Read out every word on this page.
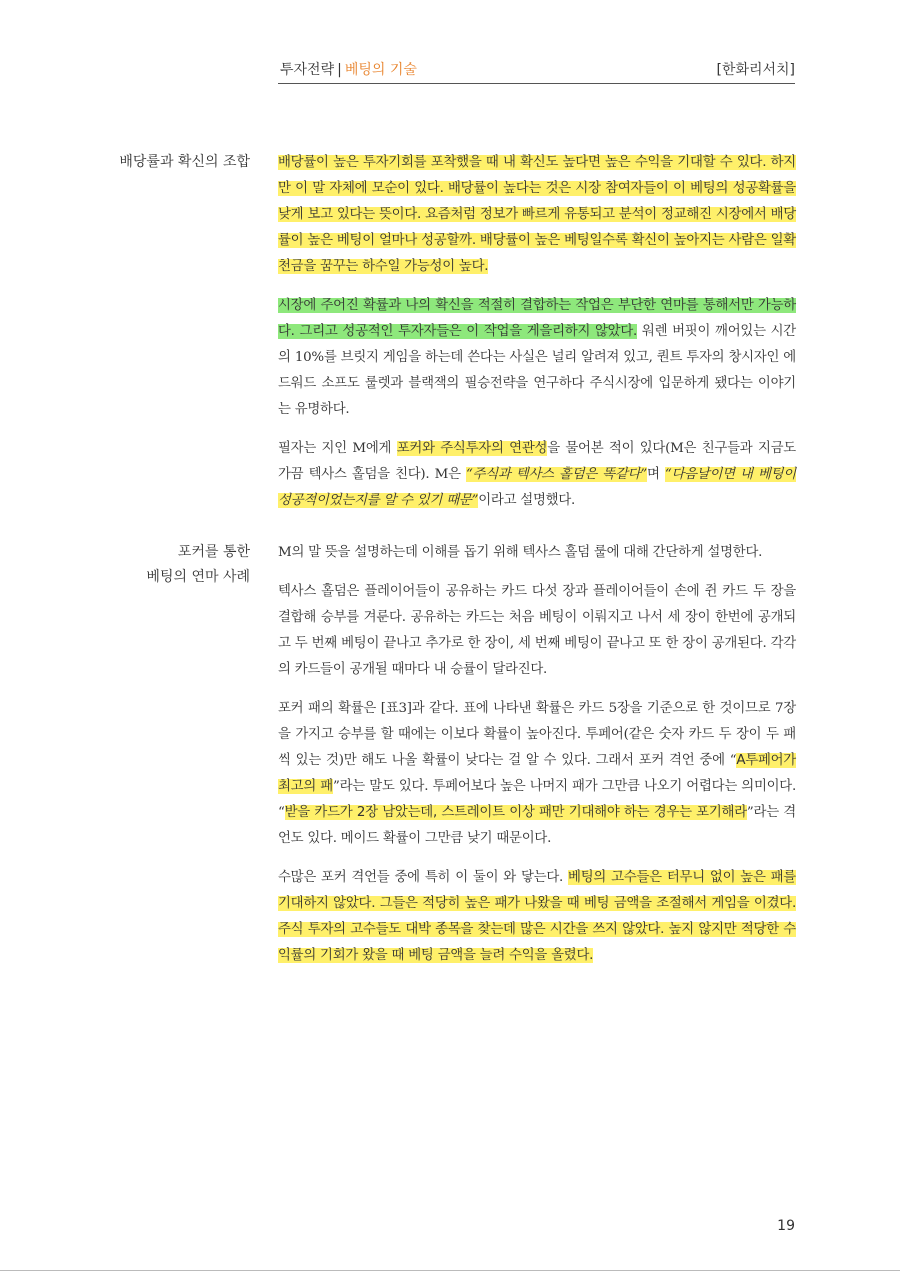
투자전략 | 베팅의 기술	[한화리서치]
배당률과 확신의 조합 배당률이 높은 투자기회를 포착했을 때 내 확신도 높다면 높은 수익을 기대할 수 있다. 하지만 이 말 자체에 모순이 있다. 배당률이 높다는 것은 시장 참여자들이 이 베팅의 성공확률을 낮게 보고 있다는 뜻이다. 요즘처럼 정보가 빠르게 유통되고 분석이 정교해진 시장에서 배당률이 높은 베팅이 얼마나 성공할까. 배당률이 높은 베팅일수록 확신이 높아지는 사람은 일확천금을 꿈꾸는 하수일 가능성이 높다.

시장에 주어진 확률과 나의 확신을 적절히 결합하는 작업은 부단한 연마를 통해서만 가능하다. 그리고 성공적인 투자자들은 이 작업을 게을리하지 않았다. 워렌 버핏이 깨어있는 시간의 10%를 브릿지 게임을 하는데 쓴다는 사실은 널리 알려져 있고, 퀀트 투자의 창시자인 에드워드 소프도 룰렛과 블랙잭의 필승전략을 연구하다 주식시장에 입문하게 됐다는 이야기는 유명하다.

필자는 지인 M에게 포커와 주식투자의 연관성을 물어본 적이 있다(M은 친구들과 지금도 가끔 텍사스 홀덤을 친다). M은 “주식과 텍사스 홀덤은 똑같다”며 “다음날이면 내 베팅이 성공적이었는지를 알 수 있기 때문”이라고 설명했다.

포커를 통한
베팅의 연마 사례

M의 말 뜻을 설명하는데 이해를 돕기 위해 텍사스 홀덤 룰에 대해 간단하게 설명한다.

텍사스 홀덤은 플레이어들이 공유하는 카드 다섯 장과 플레이어들이 손에 쥔 카드 두 장을 결합해 승부를 겨룬다. 공유하는 카드는 처음 베팅이 이뤄지고 나서 세 장이 한번에 공개되고 두 번째 베팅이 끝나고 추가로 한 장이, 세 번째 베팅이 끝나고 또 한 장이 공개된다. 각각의 카드들이 공개될 때마다 내 승률이 달라진다.

포커 패의 확률은 [표3]과 같다. 표에 나타낸 확률은 카드 5장을 기준으로 한 것이므로 7장을 가지고 승부를 할 때에는 이보다 확률이 높아진다. 투페어(같은 숫자 카드 두 장이 두 패씩 있는 것)만 해도 나올 확률이 낮다는 걸 알 수 있다. 그래서 포커 격언 중에 “A투페어가 최고의 패”라는 말도 있다. 투페어보다 높은 나머지 패가 그만큼 나오기 어렵다는 의미이다. “받을 카드가 2장 남았는데, 스트레이트 이상 패만 기대해야 하는 경우는 포기해라”라는 격언도 있다. 메이드 확률이 그만큼 낮기 때문이다.

수많은 포커 격언들 중에 특히 이 둘이 와 닿는다. 베팅의 고수들은 터무니 없이 높은 패를 기대하지 않았다. 그들은 적당히 높은 패가 나왔을 때 베팅 금액을 조절해서 게임을 이겼다. 주식 투자의 고수들도 대박 종목을 찾는데 많은 시간을 쓰지 않았다. 높지 않지만 적당한 수익률의 기회가 왔을 때 베팅 금액을 늘려 수익을 올렸다.

19
